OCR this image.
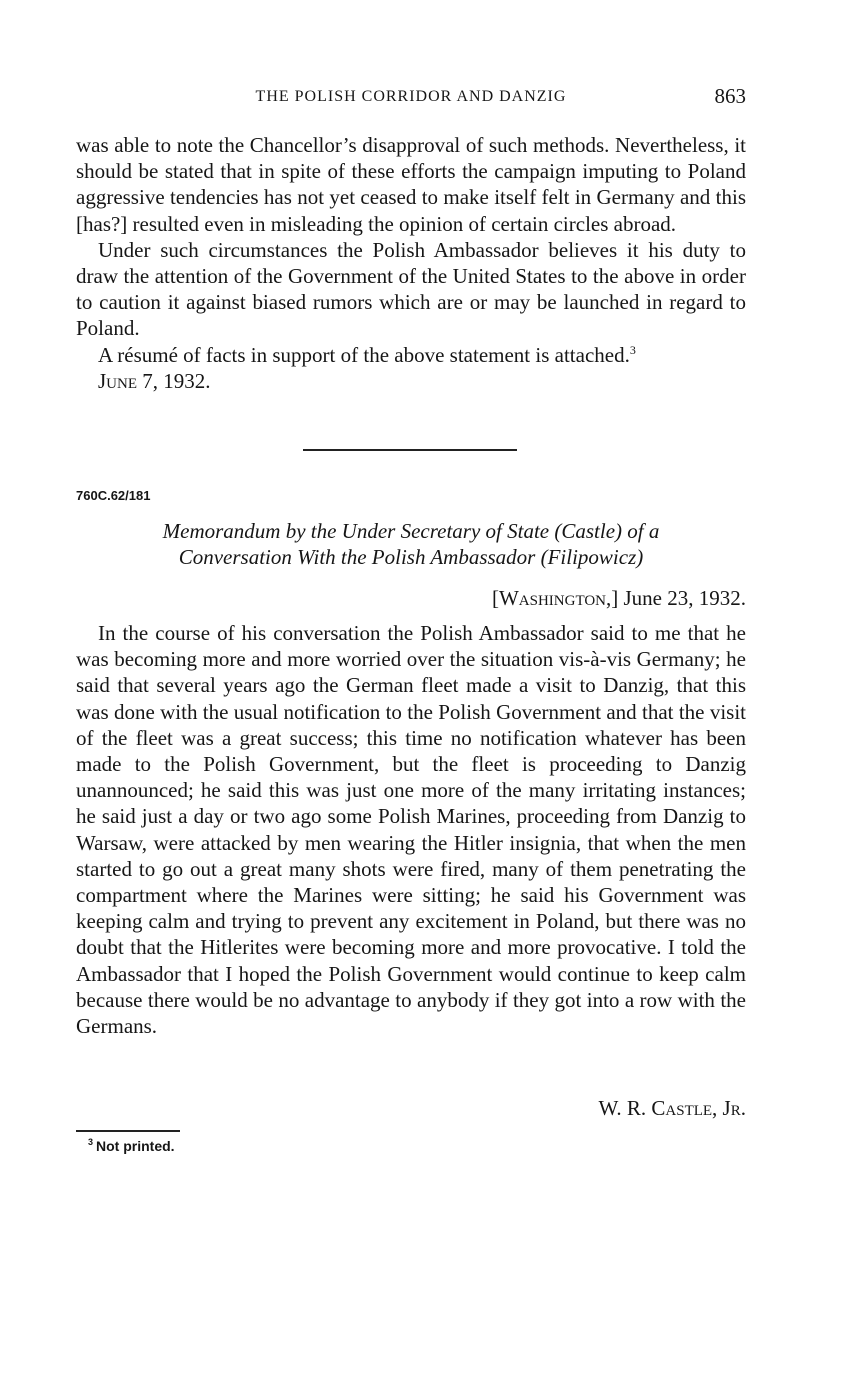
THE POLISH CORRIDOR AND DANZIG	863

was able to note the Chancellor’s disapproval of such methods. Nevertheless, it should be stated that in spite of these efforts the campaign imputing to Poland aggressive tendencies has not yet ceased to make itself felt in Germany and this [has?] resulted even in misleading the opinion of certain circles abroad.

Under such circumstances the Polish Ambassador believes it his duty to draw the attention of the Government of the United States to the above in order to caution it against biased rumors which are or may be launched in regard to Poland.

A résumé of facts in support of the above statement is attached.$^3$

June 7, 1932.
760C.62/181
Memorandum by the Under Secretary of State (Castle) of a
Conversation With the Polish Ambassador (Filipowicz)
[Washington,] June 23, 1932.

In the course of his conversation the Polish Ambassador said to me that he was becoming more and more worried over the situation vis-à-vis Germany; he said that several years ago the German fleet made a visit to Danzig, that this was done with the usual notification to the Polish Government and that the visit of the fleet was a great success; this time no notification whatever has been made to the Polish Government, but the fleet is proceeding to Danzig unannounced; he said this was just one more of the many irritating instances; he said just a day or two ago some Polish Marines, proceeding from Danzig to Warsaw, were attacked by men wearing the Hitler insignia, that when the men started to go out a great many shots were fired, many of them penetrating the compartment where the Marines were sitting; he said his Government was keeping calm and trying to prevent any excitement in Poland, but there was no doubt that the Hitlerites were becoming more and more provocative. I told the Ambassador that I hoped the Polish Government would continue to keep calm because there would be no advantage to anybody if they got into a row with the Germans.

W. R. Castle, Jr.
$^3$ Not printed.
